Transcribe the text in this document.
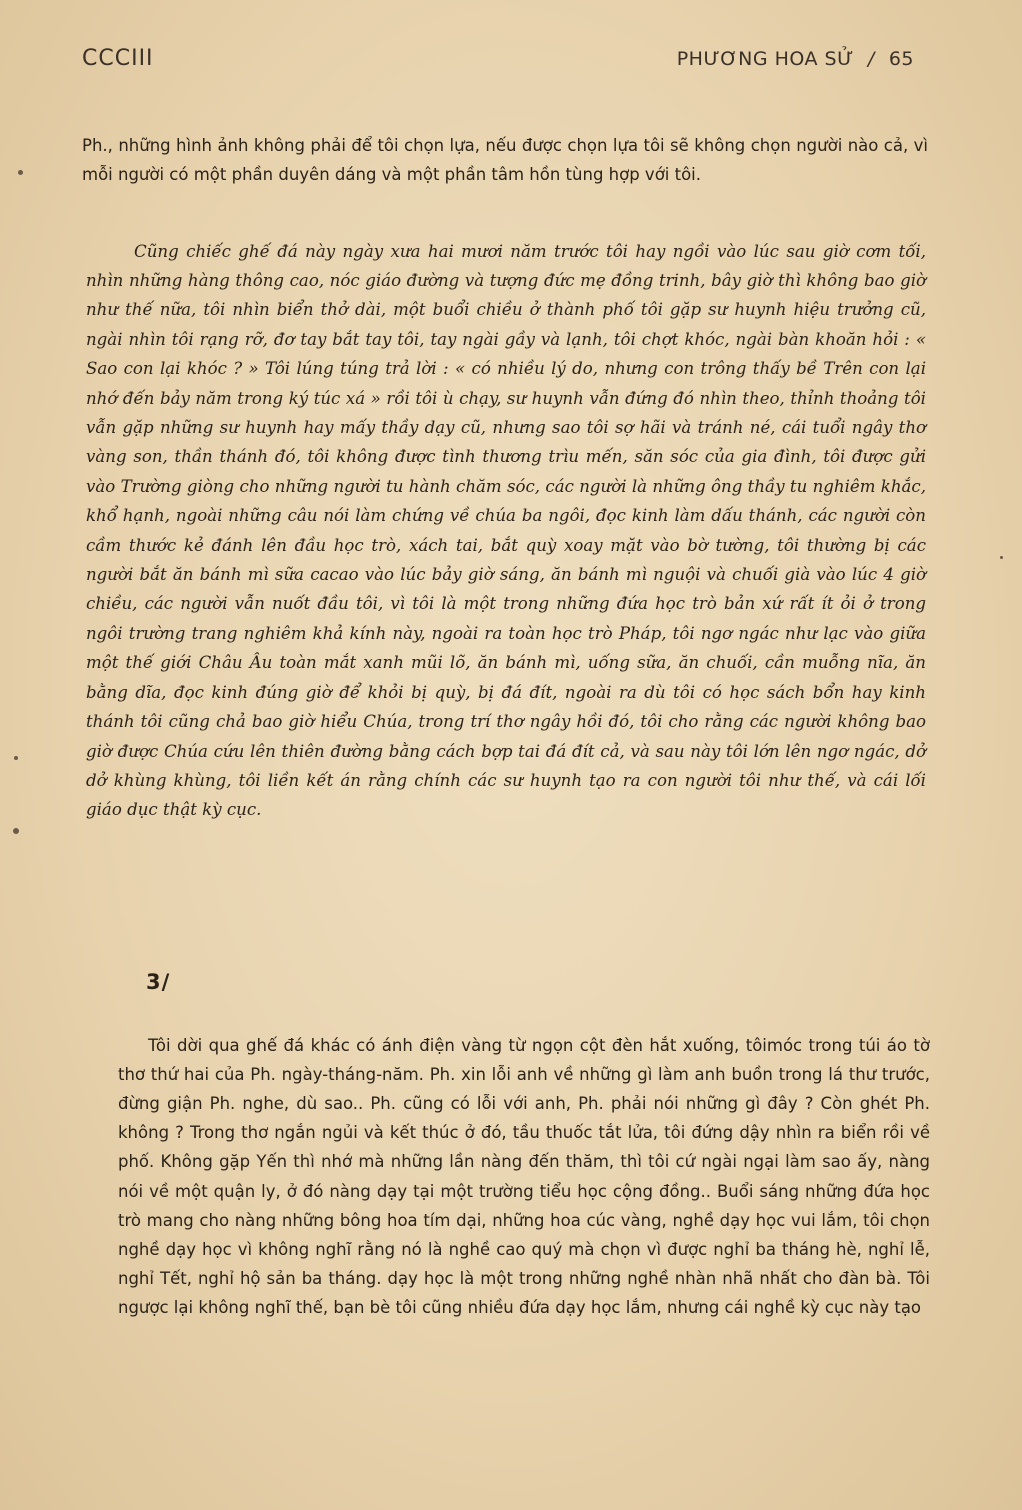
CCCIII	PHƯƠNG HOA SỬ / 65

Ph., những hình ảnh không phải để tôi chọn lựa, nếu được chọn lựa tôi sẽ không chọn người nào cả, vì mỗi người có một phần duyên dáng và một phần tâm hồn tùng hợp với tôi.

Cũng chiếc ghế đá này ngày xưa hai mươi năm trước tôi hay ngồi vào lúc sau giờ cơm tối, nhìn những hàng thông cao, nóc giáo đường và tượng đức mẹ đồng trinh, bây giờ thì không bao giờ như thế nữa, tôi nhìn biển thở dài, một buổi chiều ở thành phố tôi gặp sư huynh hiệu trưởng cũ, ngài nhìn tôi rạng rỡ, đơ tay bắt tay tôi, tay ngài gầy và lạnh, tôi chợt khóc, ngài bàn khoăn hỏi : « Sao con lại khóc ? » Tôi lúng túng trả lời : « có nhiều lý do, nhưng con trông thấy bề Trên con lại nhớ đến bảy năm trong ký túc xá » rồi tôi ù chạy, sư huynh vẫn đứng đó nhìn theo, thỉnh thoảng tôi vẫn gặp những sư huynh hay mấy thầy dạy cũ, nhưng sao tôi sợ hãi và tránh né, cái tuổi ngây thơ vàng son, thần thánh đó, tôi không được tình thương trìu mến, săn sóc của gia đình, tôi được gửi vào Trường giòng cho những người tu hành chăm sóc, các người là những ông thầy tu nghiêm khắc, khổ hạnh, ngoài những câu nói làm chứng về chúa ba ngôi, đọc kinh làm dấu thánh, các người còn cầm thước kẻ đánh lên đầu học trò, xách tai, bắt quỳ xoay mặt vào bờ tường, tôi thường bị các người bắt ăn bánh mì sữa cacao vào lúc bảy giờ sáng, ăn bánh mì nguội và chuối già vào lúc 4 giờ chiều, các người vẫn nuốt đầu tôi, vì tôi là một trong những đứa học trò bản xứ rất ít ỏi ở trong ngôi trường trang nghiêm khả kính này, ngoài ra toàn học trò Pháp, tôi ngơ ngác như lạc vào giữa một thế giới Châu Âu toàn mắt xanh mũi lõ, ăn bánh mì, uống sữa, ăn chuối, cần muỗng nĩa, ăn bằng dĩa, đọc kinh đúng giờ để khỏi bị quỳ, bị đá đít, ngoài ra dù tôi có học sách bổn hay kinh thánh tôi cũng chả bao giờ hiểu Chúa, trong trí thơ ngây hồi đó, tôi cho rằng các người không bao giờ được Chúa cứu lên thiên đường bằng cách bợp tai đá đít cả, và sau này tôi lớn lên ngơ ngác, dở dở khùng khùng, tôi liền kết án rằng chính các sư huynh tạo ra con người tôi như thế, và cái lối giáo dục thật kỳ cục.

3/

Tôi dời qua ghế đá khác có ánh điện vàng từ ngọn cột đèn hắt xuống, tôimóc trong túi áo tờ thơ thứ hai của Ph. ngày-tháng-năm. Ph. xin lỗi anh về những gì làm anh buồn trong lá thư trước, đừng giận Ph. nghe, dù sao.. Ph. cũng có lỗi với anh, Ph. phải nói những gì đây ? Còn ghét Ph. không ? Trong thơ ngắn ngủi và kết thúc ở đó, tầu thuốc tắt lửa, tôi đứng dậy nhìn ra biển rồi về phố. Không gặp Yến thì nhớ mà những lần nàng đến thăm, thì tôi cứ ngài ngại làm sao ấy, nàng nói về một quận ly, ở đó nàng dạy tại một trường tiểu học cộng đồng.. Buổi sáng những đứa học trò mang cho nàng những bông hoa tím dại, những hoa cúc vàng, nghề dạy học vui lắm, tôi chọn nghề dạy học vì không nghĩ rằng nó là nghề cao quý mà chọn vì được nghỉ ba tháng hè, nghỉ lễ, nghỉ Tết, nghỉ hộ sản ba tháng. dạy học là một trong những nghề nhàn nhã nhất cho đàn bà. Tôi ngược lại không nghĩ thế, bạn bè tôi cũng nhiều đứa dạy học lắm, nhưng cái nghề kỳ cục này tạo
